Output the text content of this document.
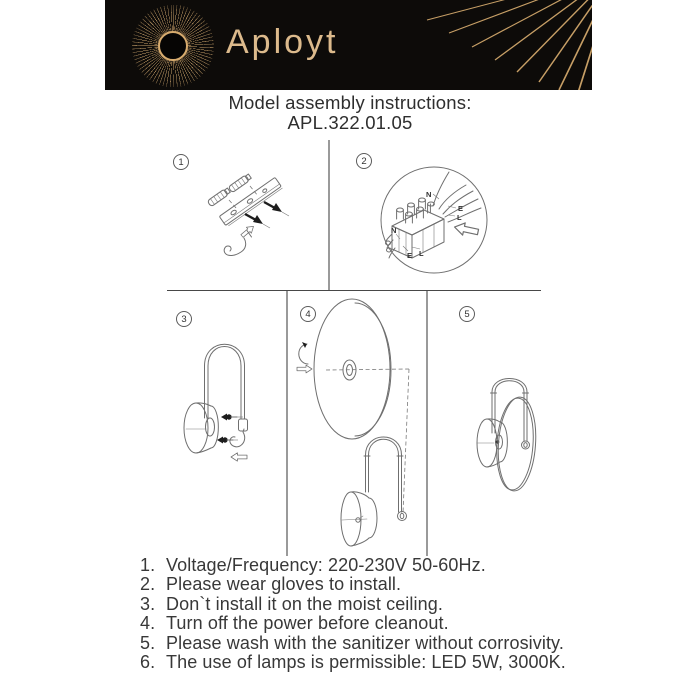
Aployt
Model assembly instructions:
APL.322.01.05
1	2
3	4	5
N
E
L
N
E L
1. Voltage/Frequency: 220-230V 50-60Hz.
2. Please wear gloves to install.
3. Don`t install it on the moist ceiling.
4. Turn off the power before cleanout.
5. Please wash with the sanitizer without corrosivity.
6. The use of lamps is permissible: LED 5W, 3000K.
